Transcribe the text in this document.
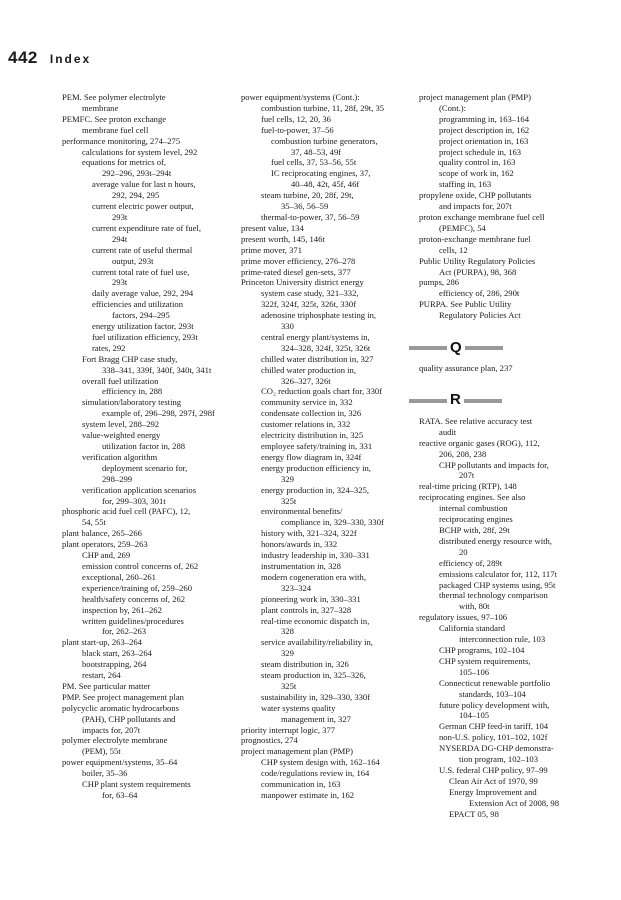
442 Index
PEM. See polymer electrolyte
membrane
PEMFC. See proton exchange
membrane fuel cell
performance monitoring, 274–275
calculations for system level, 292
equations for metrics of,
292–296, 293t–294t
average value for last n hours,
292, 294, 295
current electric power output,
293t
current expenditure rate of fuel,
294t
current rate of useful thermal
output, 293t
current total rate of fuel use,
293t
daily average value, 292, 294
efficiencies and utilization
factors, 294–295
energy utilization factor, 293t
fuel utilization efficiency, 293t
rates, 292
Fort Bragg CHP case study,
338–341, 339f, 340f, 340t, 341t
overall fuel utilization
efficiency in, 288
simulation/laboratory testing
example of, 296–298, 297f, 298f
system level, 288–292
value-weighted energy
utilization factor in, 288
verification algorithm
deployment scenario for,
298–299
verification application scenarios
for, 299–303, 301t
phosphoric acid fuel cell (PAFC), 12,
54, 55t
plant balance, 265–266
plant operators, 259–263
CHP and, 269
emission control concerns of, 262
exceptional, 260–261
experience/training of, 259–260
health/safety concerns of, 262
inspection by, 261–262
written guidelines/procedures
for, 262–263
plant start-up, 263–264
black start, 263–264
bootstrapping, 264
restart, 264
PM. See particular matter
PMP. See project management plan
polycyclic aromatic hydrocarbons
(PAH), CHP pollutants and
impacts for, 207t
polymer electrolyte membrane
(PEM), 55t
power equipment/systems, 35–64
boiler, 35–36
CHP plant system requirements
for, 63–64
power equipment/systems (Cont.):
combustion turbine, 11, 28f, 29t, 35
fuel cells, 12, 20, 36
fuel-to-power, 37–56
combustion turbine generators,
37, 48–53, 49f
fuel cells, 37, 53–56, 55t
IC reciprocating engines, 37,
40–48, 42t, 45f, 46f
steam turbine, 20, 28f, 29t,
35–36, 56–59
thermal-to-power, 37, 56–59
present value, 134
present worth, 145, 146t
prime mover, 371
prime mover efficiency, 276–278
prime-rated diesel gen-sets, 377
Princeton University district energy
system case study, 321–332,
322f, 324f, 325t, 326t, 330f
adenosine triphosphate testing in,
330
central energy plant/systems in,
324–328, 324f, 325t, 326t
chilled water distribution in, 327
chilled water production in,
326–327, 326t
CO₂ reduction goals chart for, 330f
community service in, 332
condensate collection in, 326
customer relations in, 332
electricity distribution in, 325
employee safety/training in, 331
energy flow diagram in, 324f
energy production efficiency in,
329
energy production in, 324–325,
325t
environmental benefits/
compliance in, 329–330, 330f
history with, 321–324, 322f
honors/awards in, 332
industry leadership in, 330–331
instrumentation in, 328
modern cogeneration era with,
323–324
pioneering work in, 330–331
plant controls in, 327–328
real-time economic dispatch in,
328
service availability/reliability in,
329
steam distribution in, 326
steam production in, 325–326,
325t
sustainability in, 329–330, 330f
water systems quality
management in, 327
priority interrupt logic, 377
prognostics, 274
project management plan (PMP)
CHP system design with, 162–164
code/regulations review in, 164
communication in, 163
manpower estimate in, 162
project management plan (PMP)
(Cont.):
programming in, 163–164
project description in, 162
project orientation in, 163
project schedule in, 163
quality control in, 163
scope of work in, 162
staffing in, 163
propylene oxide, CHP pollutants
and impacts for, 207t
proton exchange membrane fuel cell
(PEMFC), 54
proton-exchange membrane fuel
cells, 12
Public Utility Regulatory Policies
Act (PURPA), 98, 368
pumps, 286
efficiency of, 286, 290t
PURPA. See Public Utility
Regulatory Policies Act
Q
quality assurance plan, 237
R
RATA. See relative accuracy test
audit
reactive organic gases (ROG), 112,
206, 208, 238
CHP pollutants and impacts for,
207t
real-time pricing (RTP), 148
reciprocating engines. See also
internal combustion
reciprocating engines
BCHP with, 28f, 29t
distributed energy resource with,
20
efficiency of, 289t
emissions calculator for, 112, 117t
packaged CHP systems using, 95t
thermal technology comparison
with, 80t
regulatory issues, 97–106
California standard
interconnection rule, 103
CHP programs, 102–104
CHP system requirements,
105–106
Connecticut renewable portfolio
standards, 103–104
future policy development with,
104–105
German CHP feed-in tariff, 104
non-U.S. policy, 101–102, 102f
NYSERDA DG-CHP demonstra-
tion program, 102–103
U.S. federal CHP policy, 97–99
Clean Air Act of 1970, 99
Energy Improvement and
Extension Act of 2008, 98
EPACT 05, 98
